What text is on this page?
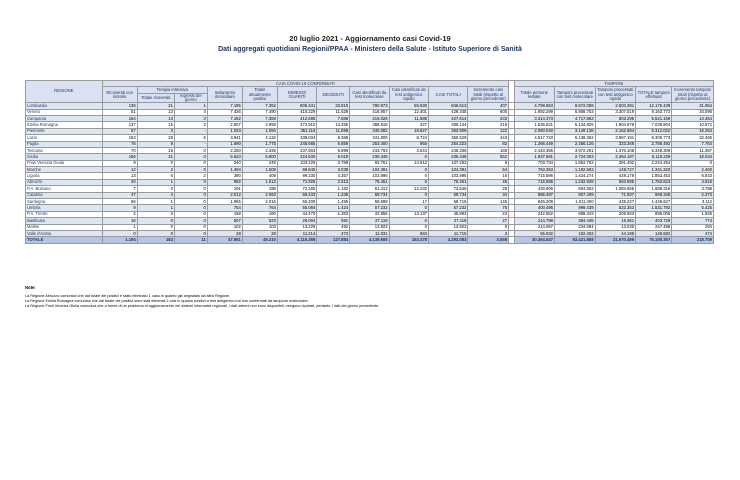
20 luglio 2021 - Aggiornamento casi Covid-19
Dati aggregati quotidiani Regioni/PPAA - Ministero della Salute - Istituto Superiore di Sanità
REGIONE	CASI COVID-19 CONFERMATI												TAMPONI				
	Ricoverati con sintomi	Terapia intensiva		Isolamento domiciliare	Totale attualmente positivi	DIMESSI/ GUARITI	DECEDUTI	Casi identificati da test molecolare	Casi identificati da test antigenico rapido	CASI TOTALI	Incremento casi totali (rispetto al giorno precedente)		Totale persone testate	Tamponi processati con test molecolare	Tamponi processati con test antigenico rapido	TOTALE tamponi effettuati	Incremento tamponi totali (rispetto al giorno precedente)
		Totale ricoverati	Ingressi del giorno														
Lombardia	136	21	1	7.195	7.352	805.341	33.810	790.973	55.530	846.513	407		4.798.653	9.672.058	2.503.381	12.175.439	31.954
Veneto	51	13	4	7.426	7.490	410.229	11.629	416.957	12.401	429.348	600		1.892.299	5.856.753	3.307.019	9.163.772	34.096
Campania	184	13	3	7.162	7.359	412.695	7.568	416.026	11.588	427.614	233		3.314.373	4.717.863	803.295	5.521.158	14.454
Emilia-Romagna	137	15	3	2.807	2.959	372.910	13.265	388.818	327	389.134	219		1.536.621	5.134.825	1.904.979	7.039.804	10.872
Piemonte	57	3	-	1.034	1.094	351.116	11.699	345.082	18.827	363.909	122		2.060.040	3.149.138	2.162.884	5.312.022	16.254
Lazio	153	28	6	3.941	4.132	338.034	8.388	341.809	8.724	350.529	443		4.517.733	5.138.362	3.967.181	8.305.773	32.465
Puglia	76	9	-	1.690	1.775	245.685	6.659	253.400	955	254.323	82		1.266.449	2.456.126	333.366	2.789.492	7.764
Toscana	70	15	0	2.250	2.335	237.603	6.899	243.793	3.544	246.336	169		2.443.355	3.972.201	1.376.108	5.348.309	11.387
Sicilia	156	21	0	5.623	5.800	224.530	6.018	236.348	0	236.348	552		1.937.581	2.724.053	2.394.187	5.118.239	18.034
Friuli Venezia Giulia	9	0	0	240	249	103.225	3.789	92.751	14.512	107.263	9		703.734	1.852.762	391.492	2.244.254	0
Marche	12	2	0	1.494	1.508	99.845	3.038	104.391	0	104.391	54		763.353	1.192.593	148.727	1.341.320	2.460
Liguria	13	6	2	390	409	99.230	4.357	103.996	0	103.996	16		715.596	1.424.274	429.179	1.853.453	6.933
Abruzzo	20	1	0	992	1.013	71.925	2.513	75.451	0	75.451	45		715.585	1.232.928	550.695	1.783.623	4.615
P.A. Bolzano	7	0	0	191	198	72.165	1.182	61.313	12.232	73.545	28		430.906	604.653	1.083.665	1.688.318	3.788
Calabria	47	4	0	2.012	2.063	66.433	1.238	69.734	0	69.734	34		886.497	807.409	71.937	969.346	2.273
Sardegna	56	1	0	1.955	2.016	55.209	1.495	58.699	17	58.716	145		846.209	1.011.400	435.227	1.446.627	3.112
Umbria	9	1	0	754	764	55.084	1.424	57.232	0	57.232	76		400.495	999.439	532.353	1.531.792	5.425
P.A. Trento	2	0	0	158	160	44.470	1.363	32.856	13.137	45.993	23		242.562	688.443	206.563	895.006	1.826
Basilicata	16	0	0	507	523	26.004	591	27.118	0	27.118	27		214.798	384.445	19.361	403.729	774
Molise	1	0	0	102	103	13.228	492	13.823	0	13.823	0		214.067	234.094	13.030	247.486	294
Valle d'Aosta	0	0	0	28	28	11.214	473	11.031	684	11.715	3		65.932	102.402	44.196	146.592	474
TOTALE	1.194	163	11	47.951	49.310	4.115.389	127.884	4.139.605	153.478	4.293.083	3.558		30.364.547	53.421.858	21.670.499	75.100.357	218.709
Note:
La Regione Abruzzo comunica che dal totale dei positivi è stato eliminato 1 caso in quanto già segnalato da altra Regione.
La Regione Emilia Romagna comunica che dal totale dei positivi sono stati eliminati 2 casi in quanto positivi a test antigenico ma non confermati da tampone molecolare.
La Regione Friuli Venezia Giulia comunica che a fronte di un problema di aggiornamento nei sistemi informativi regionali, i dati odierni non sono disponibili; vengono riportati, pertanto, i dati del giorno precedente.
